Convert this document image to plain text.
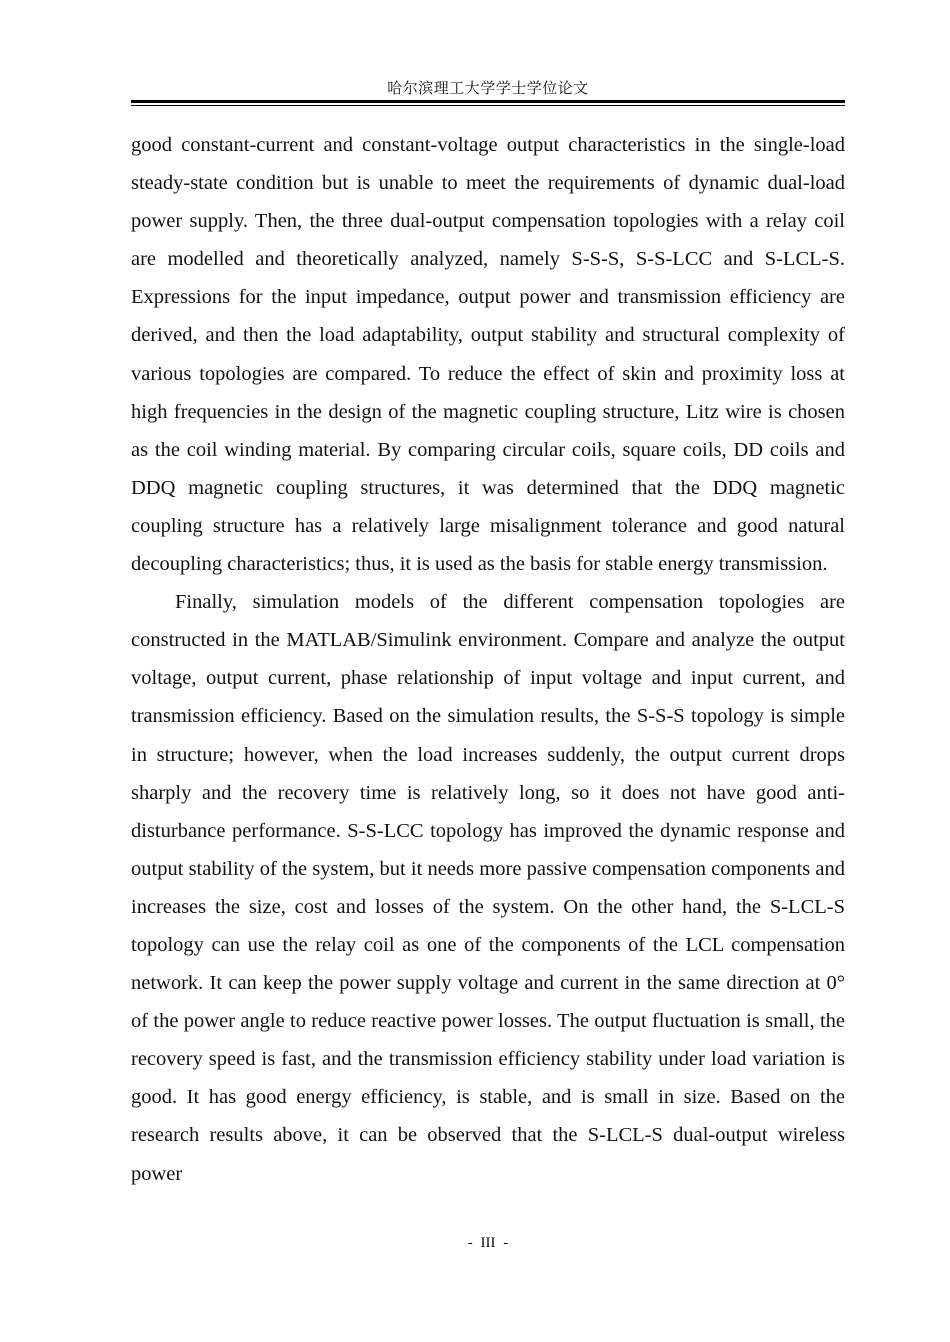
哈尔滨理工大学学士学位论文

good constant-current and constant-voltage output characteristics in the single-load steady-state condition but is unable to meet the requirements of dynamic dual-load power supply. Then, the three dual-output compensation topologies with a relay coil are modelled and theoretically analyzed, namely S-S-S, S-S-LCC and S-LCL-S. Expressions for the input impedance, output power and transmission efficiency are derived, and then the load adaptability, output stability and structural complexity of various topologies are compared. To reduce the effect of skin and proximity loss at high frequencies in the design of the magnetic coupling structure, Litz wire is chosen as the coil winding material. By comparing circular coils, square coils, DD coils and DDQ magnetic coupling structures, it was determined that the DDQ magnetic coupling structure has a relatively large misalignment tolerance and good natural decoupling characteristics; thus, it is used as the basis for stable energy transmission.

Finally, simulation models of the different compensation topologies are constructed in the MATLAB/Simulink environment. Compare and analyze the output voltage, output current, phase relationship of input voltage and input current, and transmission efficiency. Based on the simulation results, the S-S-S topology is simple in structure; however, when the load increases suddenly, the output current drops sharply and the recovery time is relatively long, so it does not have good anti-disturbance performance. S-S-LCC topology has improved the dynamic response and output stability of the system, but it needs more passive compensation components and increases the size, cost and losses of the system. On the other hand, the S-LCL-S topology can use the relay coil as one of the components of the LCL compensation network. It can keep the power supply voltage and current in the same direction at 0° of the power angle to reduce reactive power losses. The output fluctuation is small, the recovery speed is fast, and the transmission efficiency stability under load variation is good. It has good energy efficiency, is stable, and is small in size. Based on the research results above, it can be observed that the S-LCL-S dual-output wireless power

- III -
